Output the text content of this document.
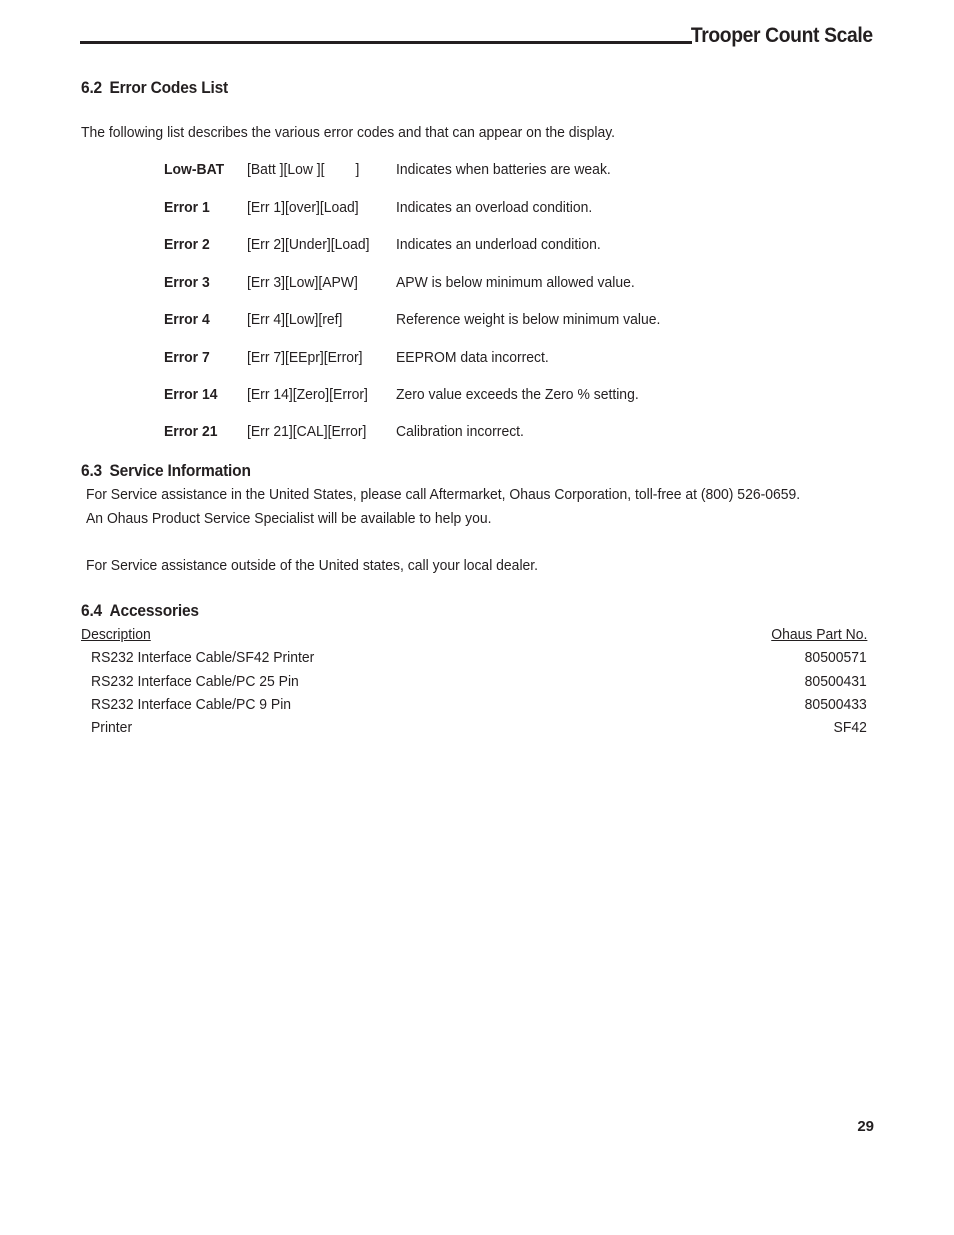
Trooper Count Scale
6.2 Error Codes List
The following list describes the various error codes and that can appear on the display.
Low-BAT [Batt ][Low ][        ] Indicates when batteries are weak.
Error 1 [Err 1][over][Load] Indicates an overload condition.
Error 2 [Err 2][Under][Load] Indicates an underload condition.
Error 3 [Err 3][Low][APW]	APW is below minimum allowed value.
Error 4 [Err 4][Low][ref]	Reference weight is below minimum value.
Error 7 [Err 7][EEpr][Error] EEPROM data incorrect.
Error 14 [Err 14][Zero][Error] Zero value exceeds the Zero % setting.
Error 21 [Err 21][CAL][Error] Calibration incorrect.
6.3 Service Information
For Service assistance in the United States, please call Aftermarket, Ohaus Corporation, toll-free at (800) 526-0659.
An Ohaus Product Service Specialist will be available to help you.
For Service assistance outside of the United states, call your local dealer.
6.4 Accessories
Description	Ohaus Part No.
RS232 Interface Cable/SF42 Printer	80500571
RS232 Interface Cable/PC 25 Pin	80500431
RS232 Interface Cable/PC 9 Pin	80500433
Printer	SF42
29
